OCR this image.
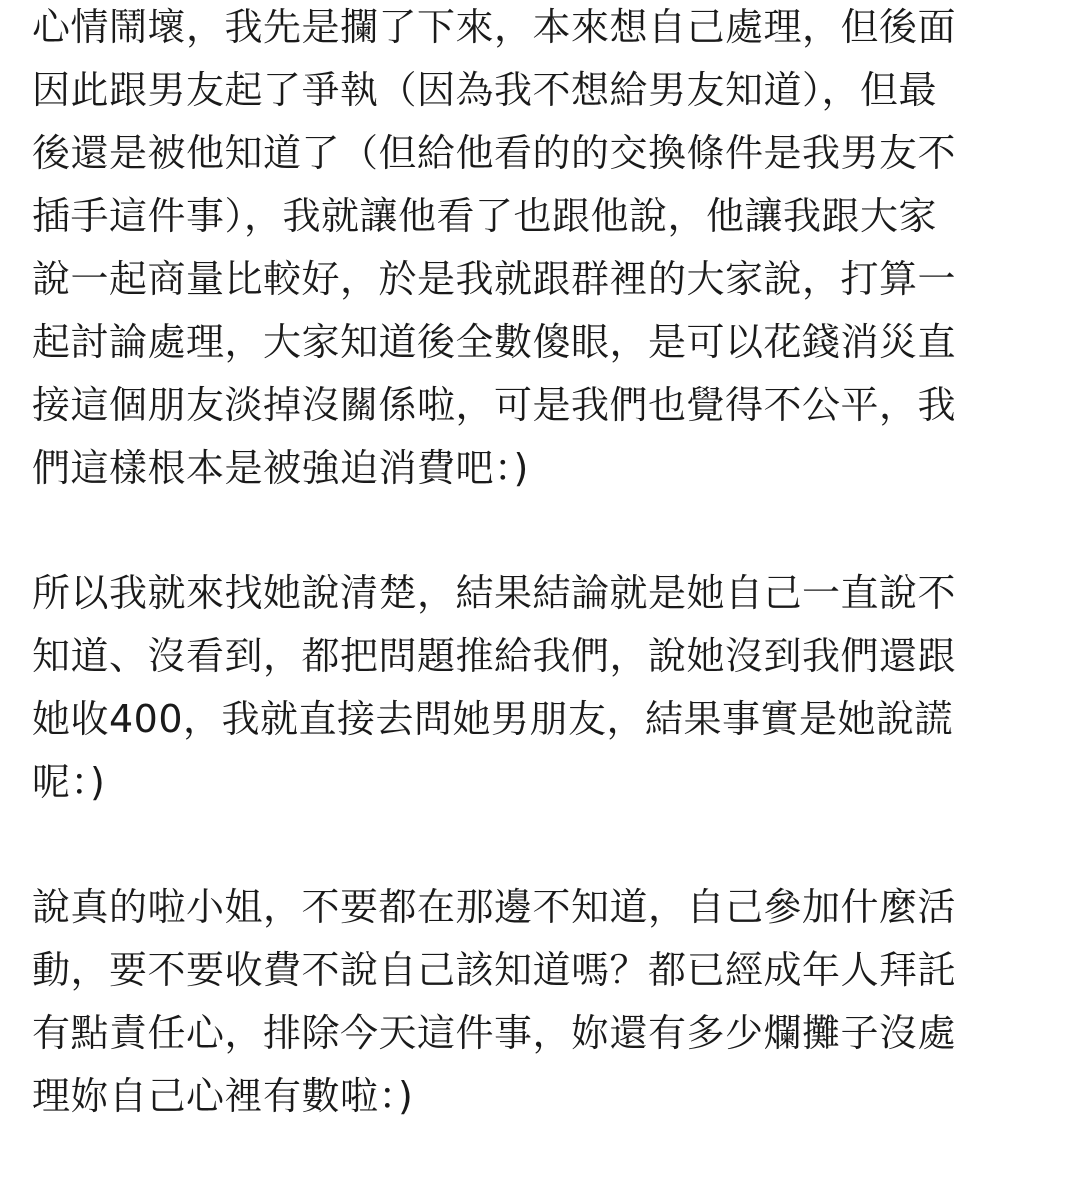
心情鬧壞，我先是攔了下來，本來想自己處理，但後面
因此跟男友起了爭執（因為我不想給男友知道），但最
後還是被他知道了（但給他看的的交換條件是我男友不
插手這件事），我就讓他看了也跟他說，他讓我跟大家
說一起商量比較好，於是我就跟群裡的大家說，打算一
起討論處理，大家知道後全數傻眼，是可以花錢消災直
接這個朋友淡掉沒關係啦，可是我們也覺得不公平，我
們這樣根本是被強迫消費吧：)
所以我就來找她說清楚，結果結論就是她自己一直說不
知道、沒看到，都把問題推給我們，說她沒到我們還跟
她收400，我就直接去問她男朋友，結果事實是她說謊
呢：)
說真的啦小姐，不要都在那邊不知道，自己參加什麼活
動，要不要收費不說自己該知道嗎？都已經成年人拜託
有點責任心，排除今天這件事，妳還有多少爛攤子沒處
理妳自己心裡有數啦：)
